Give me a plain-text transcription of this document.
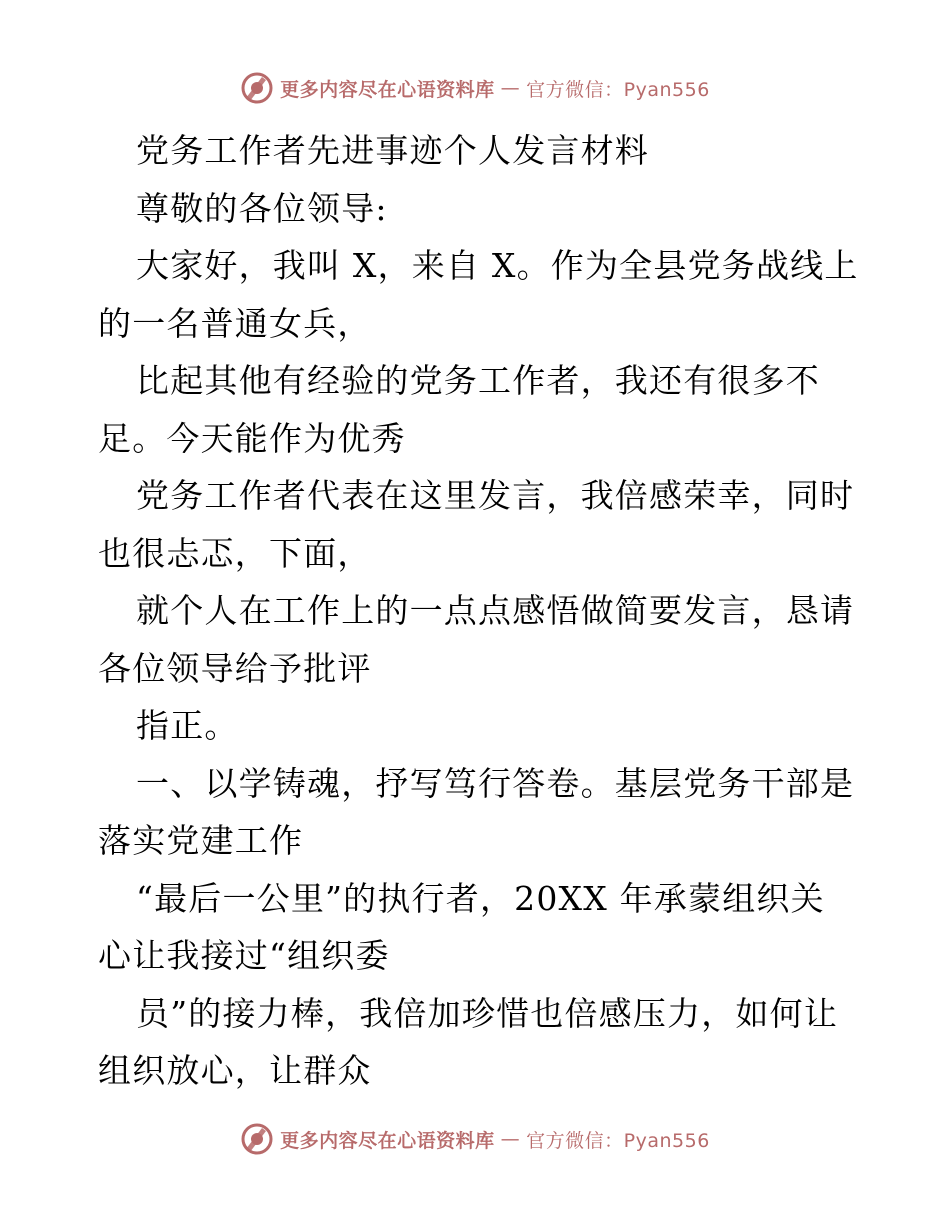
更多内容尽在心语资料库 — 官方微信：Pyan556
党务工作者先进事迹个人发言材料
尊敬的各位领导:
大家好，我叫 X，来自 X。作为全县党务战线上
的一名普通女兵，
比起其他有经验的党务工作者，我还有很多不
足。今天能作为优秀
党务工作者代表在这里发言，我倍感荣幸，同时
也很忐忑，下面，
就个人在工作上的一点点感悟做简要发言，恳请
各位领导给予批评
指正。
一、以学铸魂，抒写笃行答卷。基层党务干部是
落实党建工作
“最后一公里”的执行者，20XX 年承蒙组织关
心让我接过“组织委
员”的接力棒，我倍加珍惜也倍感压力，如何让
组织放心，让群众
更多内容尽在心语资料库 — 官方微信：Pyan556
